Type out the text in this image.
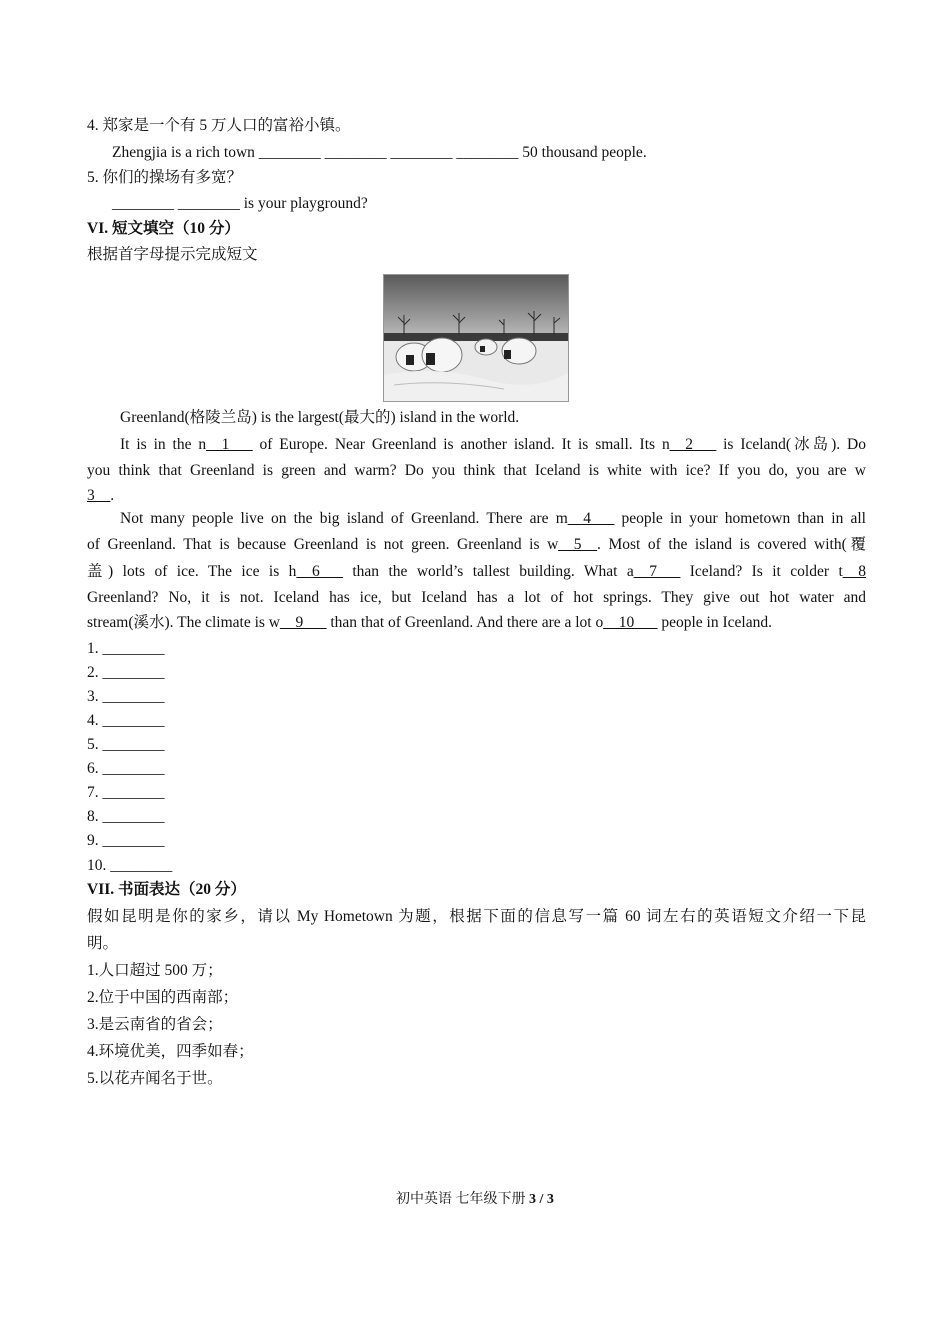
4. 郑家是一个有 5 万人口的富裕小镇。
Zhengjia is a rich town ________ ________ ________ ________ 50 thousand people.
5. 你们的操场有多宽？
________ ________ is your playground?
VI. 短文填空（10 分）
根据首字母提示完成短文
Greenland(格陵兰岛) is the largest(最大的) island in the world.
It is in the n__1___ of Europe. Near Greenland is another island. It is small. Its n__2___ is Iceland(冰岛). Do
you think that Greenland is green and warm? Do you think that Iceland is white with ice? If you do, you are w
3__.
Not many people live on the big island of Greenland. There are m__4___ people in your hometown than in all
of Greenland. That is because Greenland is not green. Greenland is w__5__. Most of the island is covered with(覆
盖) lots of ice. The ice is h__6___ than the world’s tallest building. What a__7___ Iceland? Is it colder t__8
Greenland? No, it is not. Iceland has ice, but Iceland has a lot of hot springs. They give out hot water and
stream(溪水). The climate is w__9___ than that of Greenland. And there are a lot o__10___ people in Iceland.
1. ________
2. ________
3. ________
4. ________
5. ________
6. ________
7. ________
8. ________
9. ________
10. ________
VII. 书面表达（20 分）
假如昆明是你的家乡，请以 My Hometown 为题，根据下面的信息写一篇 60 词左右的英语短文介绍一下昆
明。
1.人口超过 500 万；
2.位于中国的西南部；
3.是云南省的省会；
4.环境优美，四季如春；
5.以花卉闻名于世。
初中英语 七年级下册 3 / 3
